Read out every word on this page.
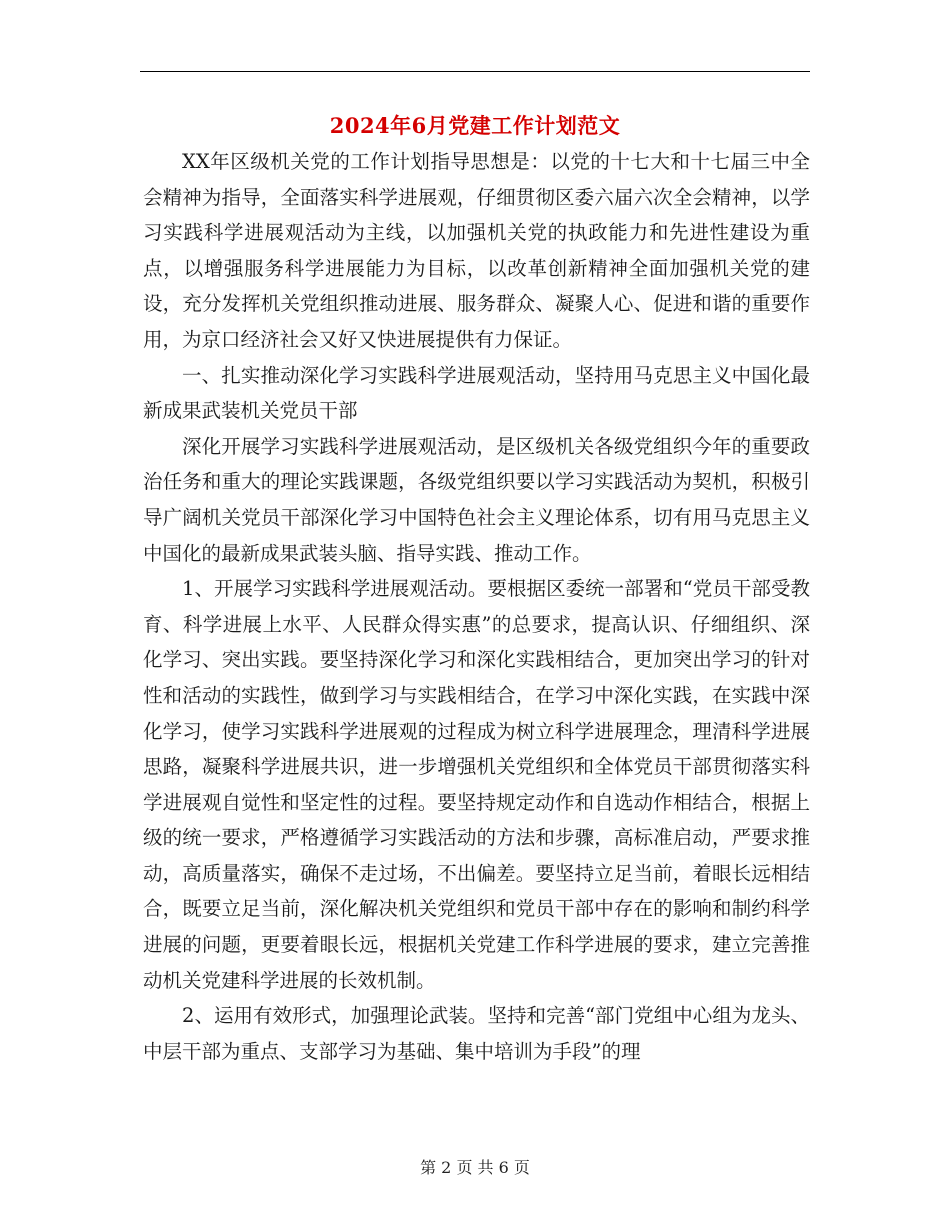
2024年6月党建工作计划范文

XX年区级机关党的工作计划指导思想是：以党的十七大和十七届三中全会精神为指导，全面落实科学进展观，仔细贯彻区委六届六次全会精神，以学习实践科学进展观活动为主线，以加强机关党的执政能力和先进性建设为重点，以增强服务科学进展能力为目标，以改革创新精神全面加强机关党的建设，充分发挥机关党组织推动进展、服务群众、凝聚人心、促进和谐的重要作用，为京口经济社会又好又快进展提供有力保证。

一、扎实推动深化学习实践科学进展观活动，坚持用马克思主义中国化最新成果武装机关党员干部

深化开展学习实践科学进展观活动，是区级机关各级党组织今年的重要政治任务和重大的理论实践课题，各级党组织要以学习实践活动为契机，积极引导广阔机关党员干部深化学习中国特色社会主义理论体系，切有用马克思主义中国化的最新成果武装头脑、指导实践、推动工作。

1、开展学习实践科学进展观活动。要根据区委统一部署和“党员干部受教育、科学进展上水平、人民群众得实惠”的总要求，提高认识、仔细组织、深化学习、突出实践。要坚持深化学习和深化实践相结合，更加突出学习的针对性和活动的实践性，做到学习与实践相结合，在学习中深化实践，在实践中深化学习，使学习实践科学进展观的过程成为树立科学进展理念，理清科学进展思路，凝聚科学进展共识，进一步增强机关党组织和全体党员干部贯彻落实科学进展观自觉性和坚定性的过程。要坚持规定动作和自选动作相结合，根据上级的统一要求，严格遵循学习实践活动的方法和步骤，高标准启动，严要求推动，高质量落实，确保不走过场，不出偏差。要坚持立足当前，着眼长远相结合，既要立足当前，深化解决机关党组织和党员干部中存在的影响和制约科学进展的问题，更要着眼长远，根据机关党建工作科学进展的要求，建立完善推动机关党建科学进展的长效机制。

2、运用有效形式，加强理论武装。坚持和完善“部门党组中心组为龙头、中层干部为重点、支部学习为基础、集中培训为手段”的理

第 2 页 共 6 页
